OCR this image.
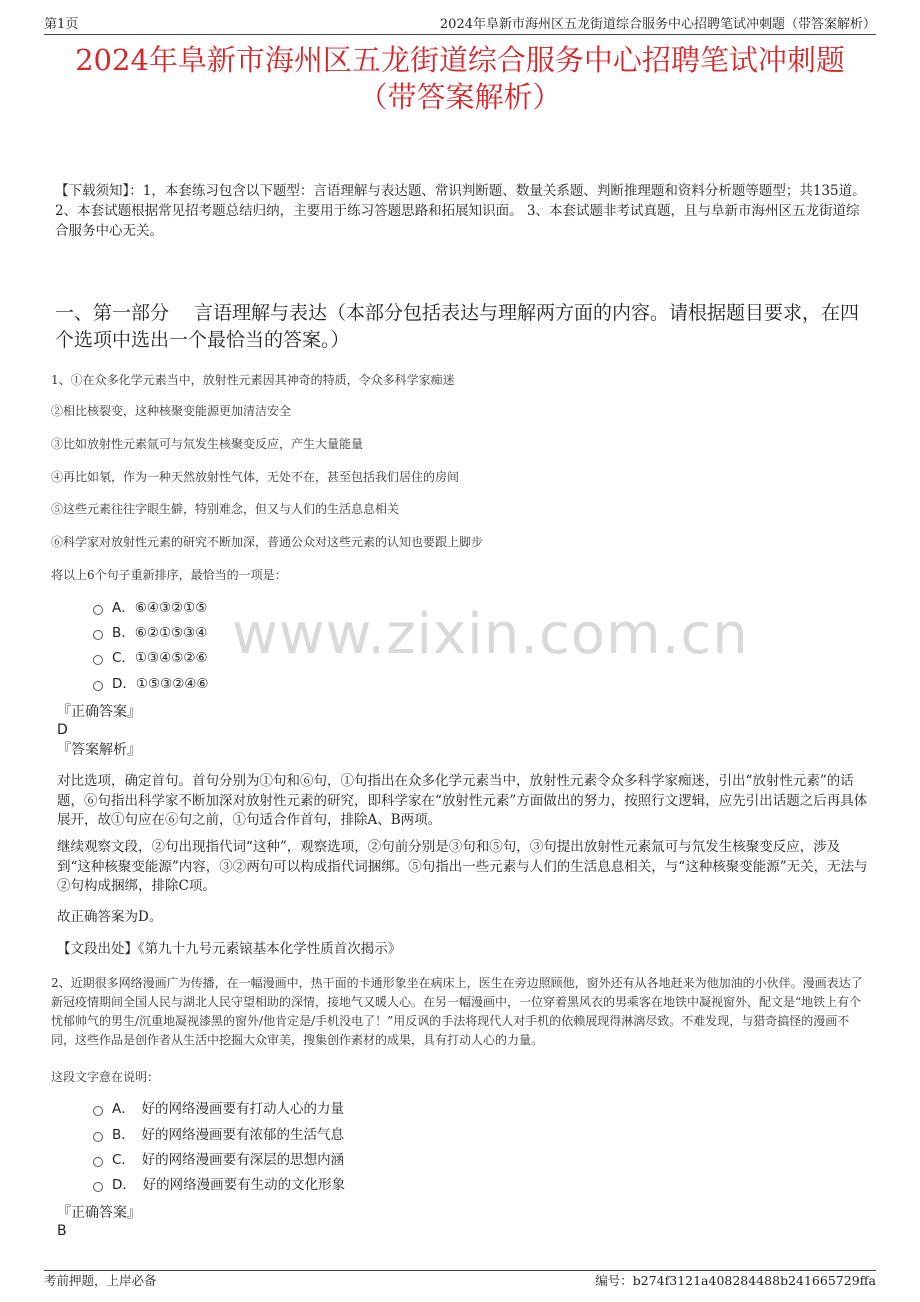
第1页	2024年阜新市海州区五龙街道综合服务中心招聘笔试冲刺题（带答案解析）
2024年阜新市海州区五龙街道综合服务中心招聘笔试冲刺题
（带答案解析）
【下载须知】：1，本套练习包含以下题型：言语理解与表达题、常识判断题、数量关系题、判断推理题和资料分析题等题型；共135道。 2、本套试题根据常见招考题总结归纳，主要用于练习答题思路和拓展知识面。 3、本套试题非考试真题，且与阜新市海州区五龙街道综合服务中心无关。
一、第一部分　 言语理解与表达（本部分包括表达与理解两方面的内容。请根据题目要求，在四个选项中选出一个最恰当的答案。）
1、①在众多化学元素当中，放射性元素因其神奇的特质，令众多科学家痴迷
②相比核裂变，这种核聚变能源更加清洁安全
③比如放射性元素氚可与氘发生核聚变反应，产生大量能量
④再比如氡，作为一种天然放射性气体，无处不在，甚至包括我们居住的房间
⑤这些元素往往字眼生僻，特别难念，但又与人们的生活息息相关
⑥科学家对放射性元素的研究不断加深，普通公众对这些元素的认知也要跟上脚步
将以上6个句子重新排序，最恰当的一项是：
A．⑥④③②①⑤
B．⑥②①⑤③④
C．①③④⑤②⑥
D．①⑤③②④⑥
『正确答案』
D
『答案解析』
对比选项，确定首句。首句分别为①句和⑥句，①句指出在众多化学元素当中，放射性元素令众多科学家痴迷，引出“放射性元素”的话题，⑥句指出科学家不断加深对放射性元素的研究，即科学家在“放射性元素”方面做出的努力，按照行文逻辑，应先引出话题之后再具体展开，故①句应在⑥句之前，①句适合作首句，排除A、B两项。
继续观察文段，②句出现指代词“这种”，观察选项，②句前分别是③句和⑤句，③句提出放射性元素氚可与氘发生核聚变反应，涉及到“这种核聚变能源”内容，③②两句可以构成指代词捆绑。⑤句指出一些元素与人们的生活息息相关，与“这种核聚变能源”无关，无法与②句构成捆绑，排除C项。
故正确答案为D。
【文段出处】《第九十九号元素锿基本化学性质首次揭示》
www.zixin.com.cn
2、近期很多网络漫画广为传播，在一幅漫画中，热干面的卡通形象坐在病床上，医生在旁边照顾他，窗外还有从各地赶来为他加油的小伙伴。漫画表达了新冠疫情期间全国人民与湖北人民守望相助的深情，接地气又暖人心。在另一幅漫画中，一位穿着黑风衣的男乘客在地铁中凝视窗外，配文是“地铁上有个忧郁帅气的男生/沉重地凝视漆黑的窗外/他肯定是/手机没电了！”用反讽的手法将现代人对手机的依赖展现得淋漓尽致。不难发现，与猎奇搞怪的漫画不同，这些作品是创作者从生活中挖掘大众审美，搜集创作素材的成果，具有打动人心的力量。
这段文字意在说明：
A．　好的网络漫画要有打动人心的力量
B．　好的网络漫画要有浓郁的生活气息
C．　好的网络漫画要有深层的思想内涵
D．　好的网络漫画要有生动的文化形象
『正确答案』
B
考前押题，上岸必备	编号：b274f3121a408284488b241665729ffa
